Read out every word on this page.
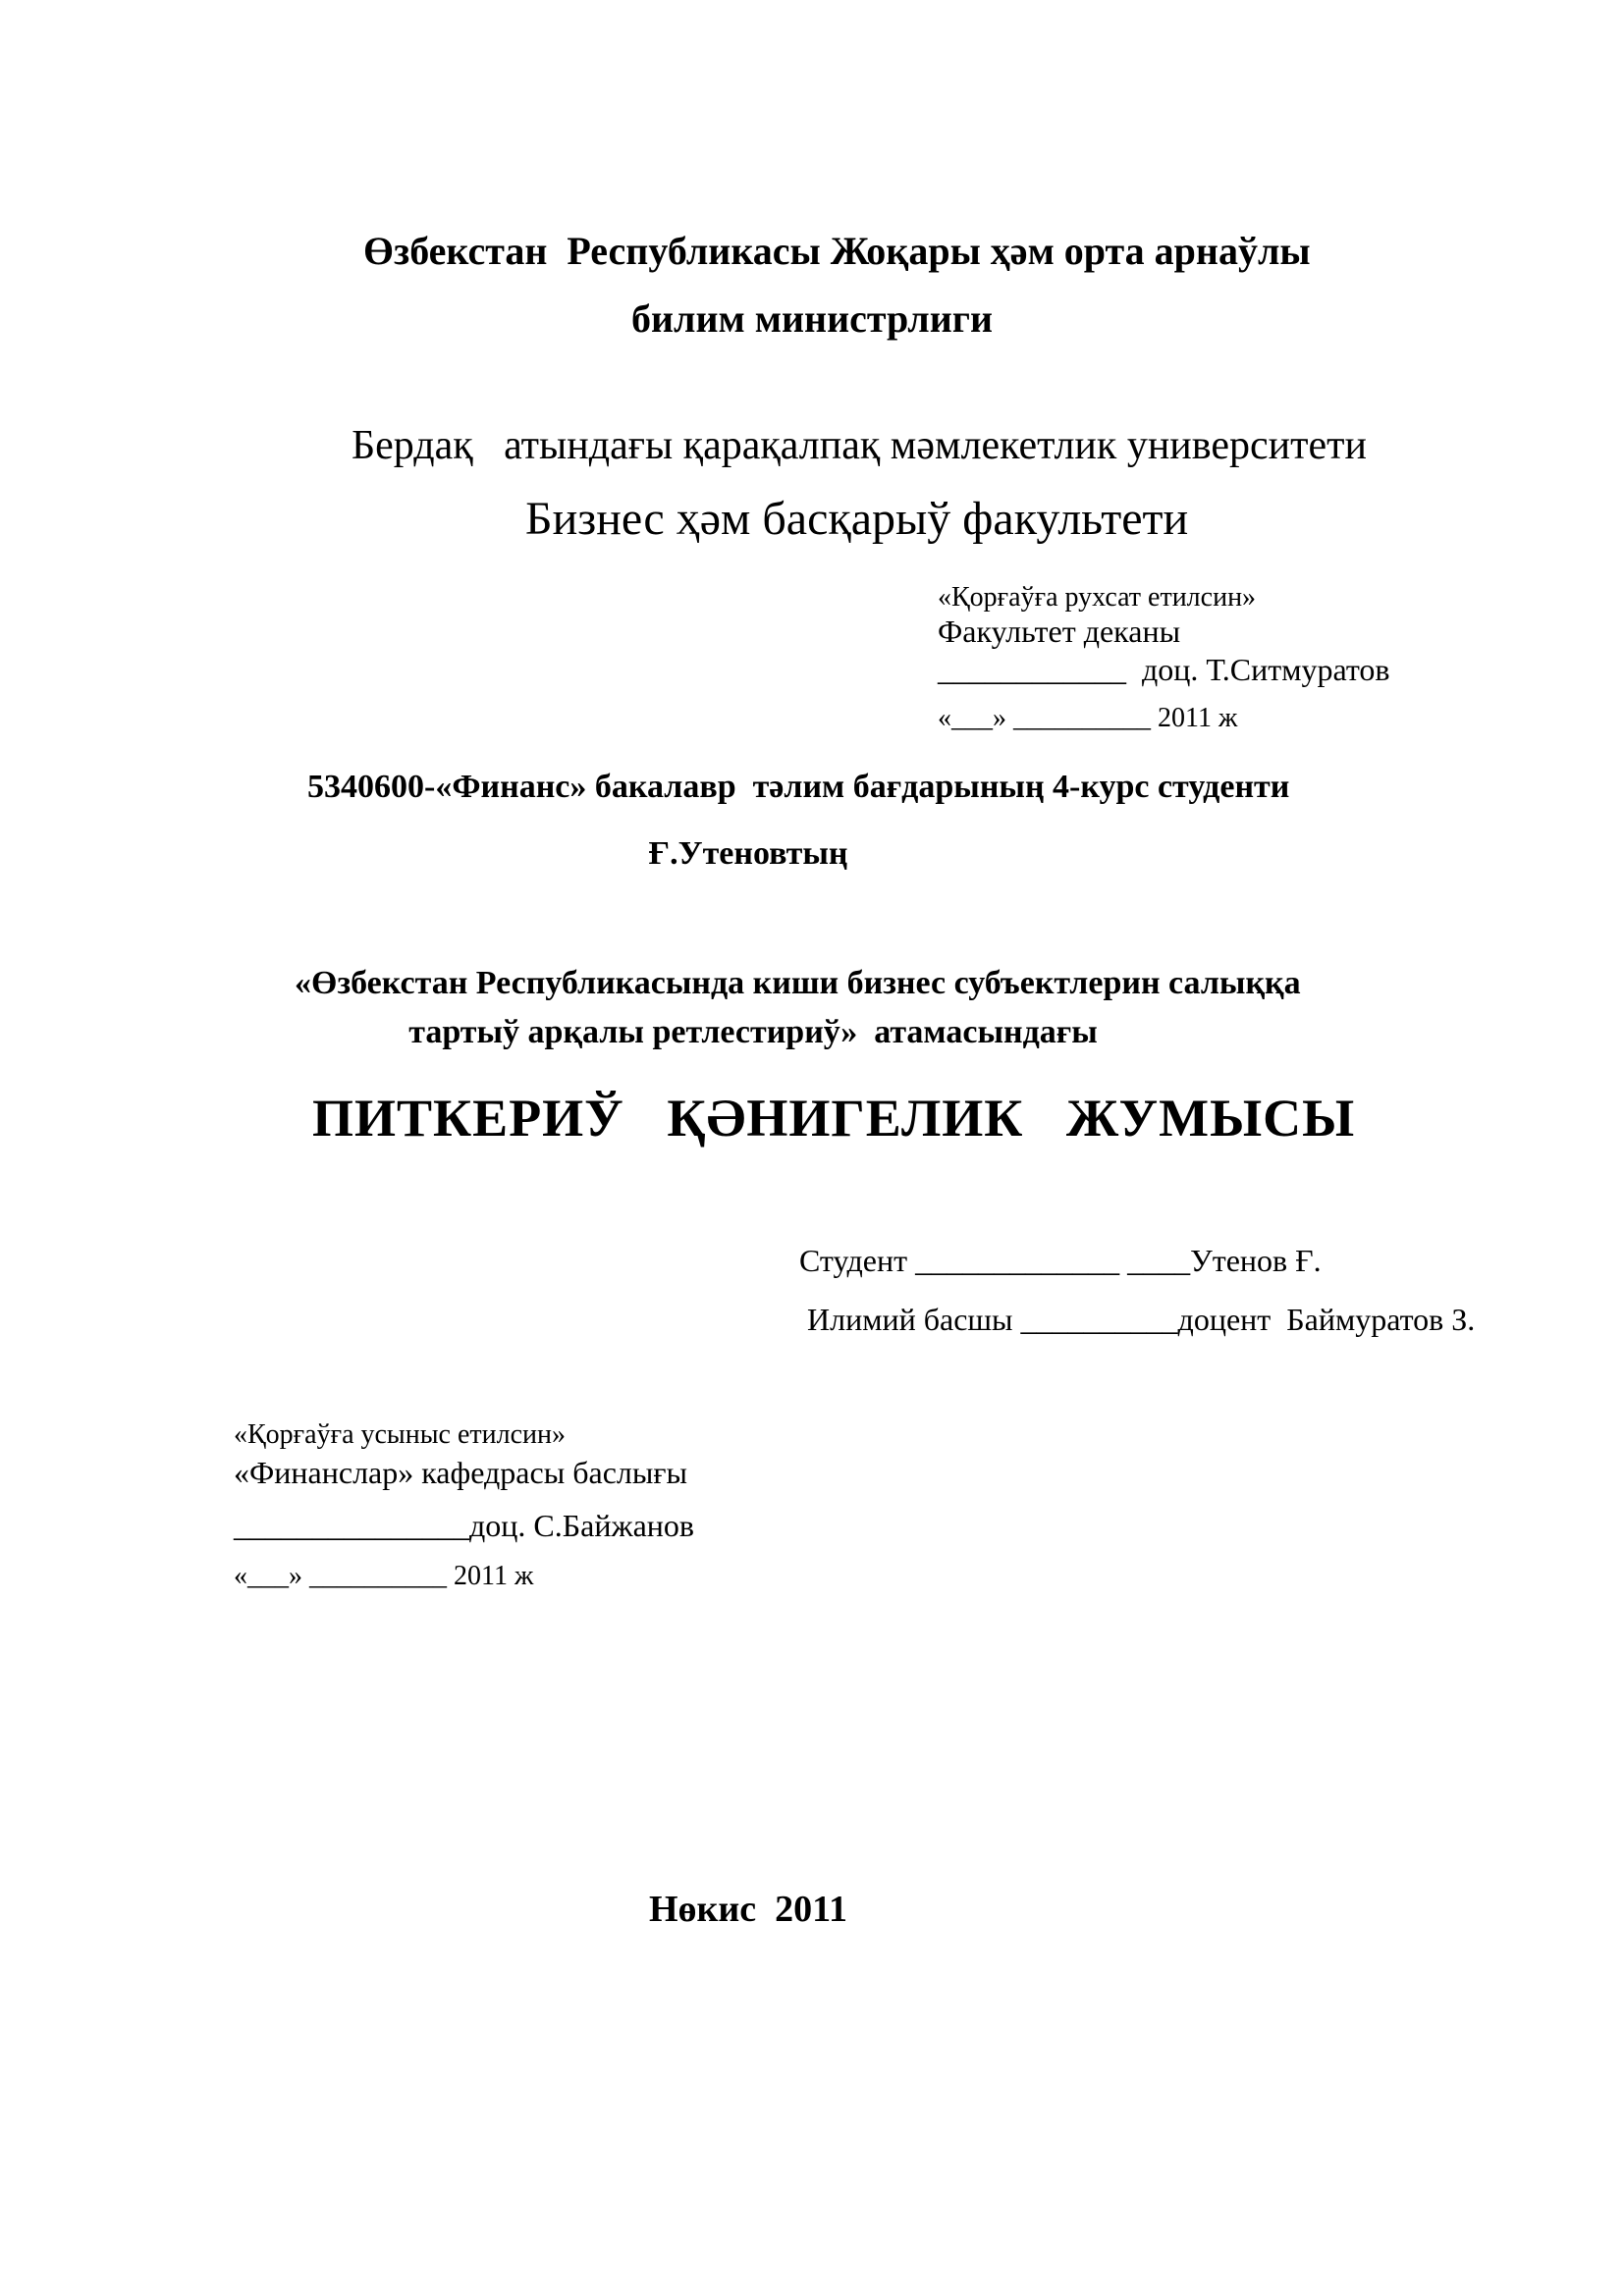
Өзбекстан  Республикасы Жоқары ҳәм орта арнаўлы
билим министрлиги
Бердақ   атындағы қарақалпақ мәмлекетлик университети
Бизнес ҳәм басқарыў факультети
«Қорғаўға рухсат етилсин»
Факультет деканы
____________  доц. Т.Ситмуратов
«___» __________ 2011 ж
5340600-«Финанс» бакалавр  тәлим бағдарының 4-курс студенти
Ғ.Утеновтың
«Өзбекстан Республикасында киши бизнес субъектлерин салыққа
тартыў арқалы ретлестириў»  атамасындағы
ПИТКЕРИЎ   ҚӘНИГЕЛИК   ЖУМЫСЫ
Студент _____________ ____Утенов Ғ.
Илимий басшы __________доцент  Баймуратов З.
«Қорғаўға усыныс етилсин»
«Финанслар» кафедрасы баслығы
_______________доц. С.Байжанов
«___» __________ 2011 ж
Нөкис  2011
